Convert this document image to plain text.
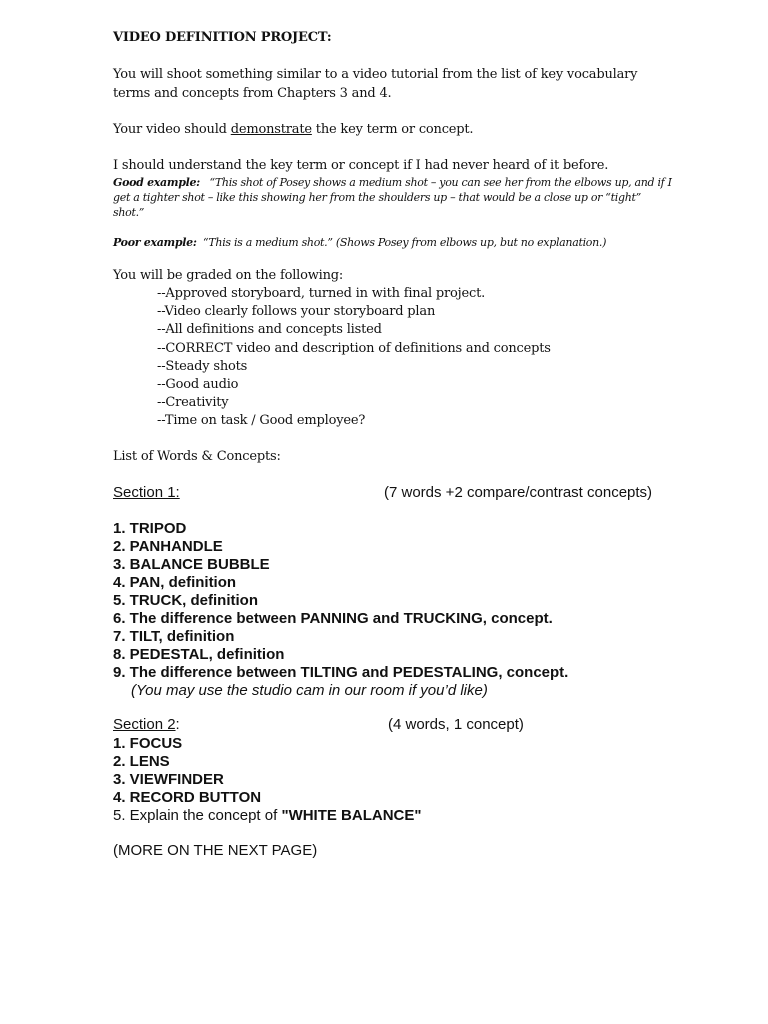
VIDEO DEFINITION PROJECT:
You will shoot something similar to a video tutorial from the list of key vocabulary
terms and concepts from Chapters 3 and 4.
Your video should demonstrate the key term or concept.
I should understand the key term or concept if I had never heard of it before.
Good example: “This shot of Posey shows a medium shot – you can see her from the elbows up, and if I
get a tighter shot – like this showing her from the shoulders up – that would be a close up or “tight”
shot.”
Poor example: “This is a medium shot.” (Shows Posey from elbows up, but no explanation.)
You will be graded on the following:
--Approved storyboard, turned in with final project.
--Video clearly follows your storyboard plan
--All definitions and concepts listed
--CORRECT video and description of definitions and concepts
--Steady shots
--Good audio
--Creativity
--Time on task / Good employee?
List of Words & Concepts:
Section 1:	(7 words +2 compare/contrast concepts)
1. TRIPOD
2. PANHANDLE
3. BALANCE BUBBLE
4. PAN, definition
5. TRUCK, definition
6. The difference between PANNING and TRUCKING, concept.
7. TILT, definition
8. PEDESTAL, definition
9. The difference between TILTING and PEDESTALING, concept.
(You may use the studio cam in our room if you’d like)
Section 2:	(4 words, 1 concept)
1. FOCUS
2. LENS
3. VIEWFINDER
4. RECORD BUTTON
5. Explain the concept of "WHITE BALANCE"
(MORE ON THE NEXT PAGE)
